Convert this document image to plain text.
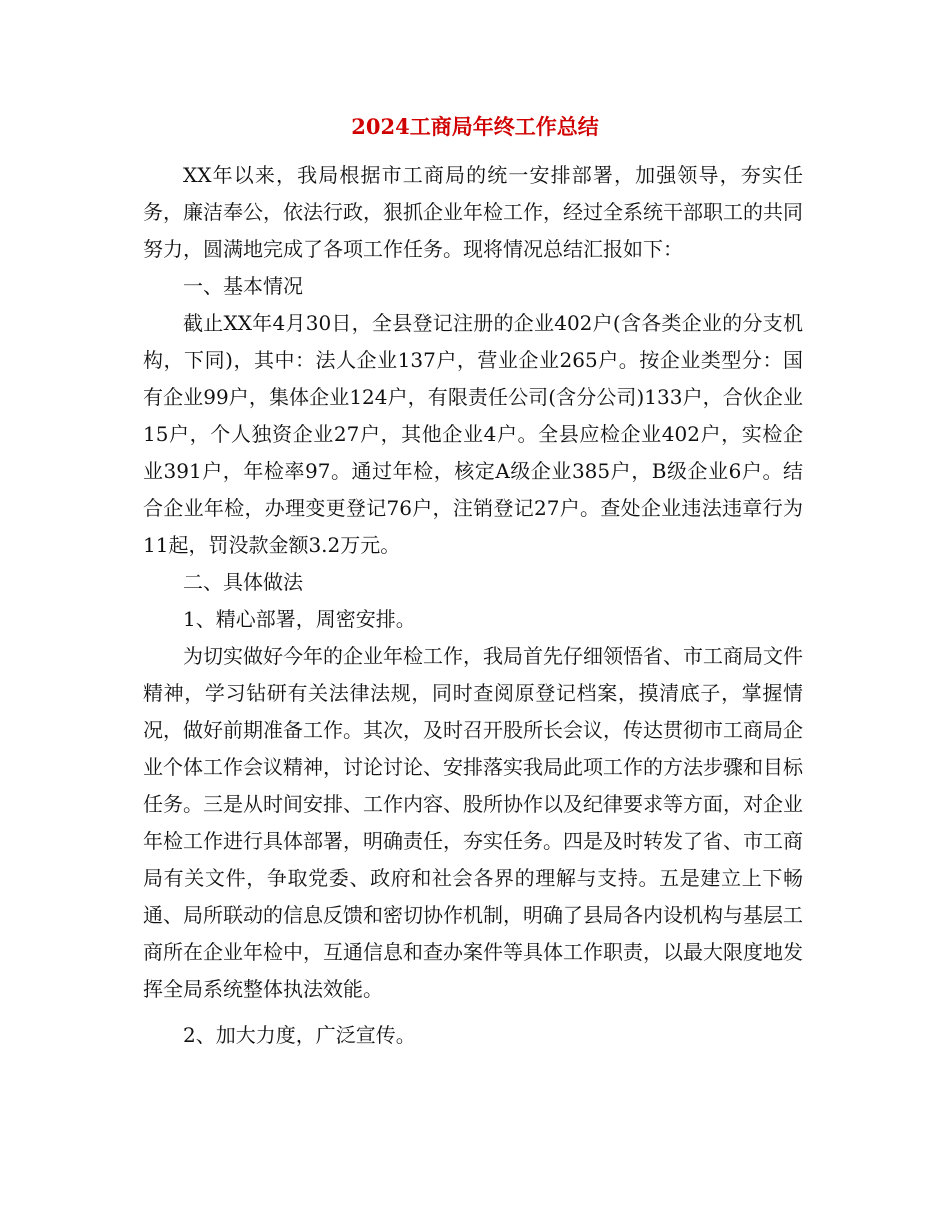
2024工商局年终工作总结

XX年以来，我局根据市工商局的统一安排部署，加强领导，夯实任务，廉洁奉公，依法行政，狠抓企业年检工作，经过全系统干部职工的共同努力，圆满地完成了各项工作任务。现将情况总结汇报如下：

一、基本情况

截止XX年4月30日，全县登记注册的企业402户(含各类企业的分支机构，下同)，其中：法人企业137户，营业企业265户。按企业类型分：国有企业99户，集体企业124户，有限责任公司(含分公司)133户，合伙企业15户，个人独资企业27户，其他企业4户。全县应检企业402户，实检企业391户，年检率97。通过年检，核定A级企业385户，B级企业6户。结合企业年检，办理变更登记76户，注销登记27户。查处企业违法违章行为11起，罚没款金额3.2万元。

二、具体做法

1、精心部署，周密安排。

为切实做好今年的企业年检工作，我局首先仔细领悟省、市工商局文件精神，学习钻研有关法律法规，同时查阅原登记档案，摸清底子，掌握情况，做好前期准备工作。其次，及时召开股所长会议，传达贯彻市工商局企业个体工作会议精神，讨论讨论、安排落实我局此项工作的方法步骤和目标任务。三是从时间安排、工作内容、股所协作以及纪律要求等方面，对企业年检工作进行具体部署，明确责任，夯实任务。四是及时转发了省、市工商局有关文件，争取党委、政府和社会各界的理解与支持。五是建立上下畅通、局所联动的信息反馈和密切协作机制，明确了县局各内设机构与基层工商所在企业年检中，互通信息和查办案件等具体工作职责，以最大限度地发挥全局系统整体执法效能。

2、加大力度，广泛宣传。
